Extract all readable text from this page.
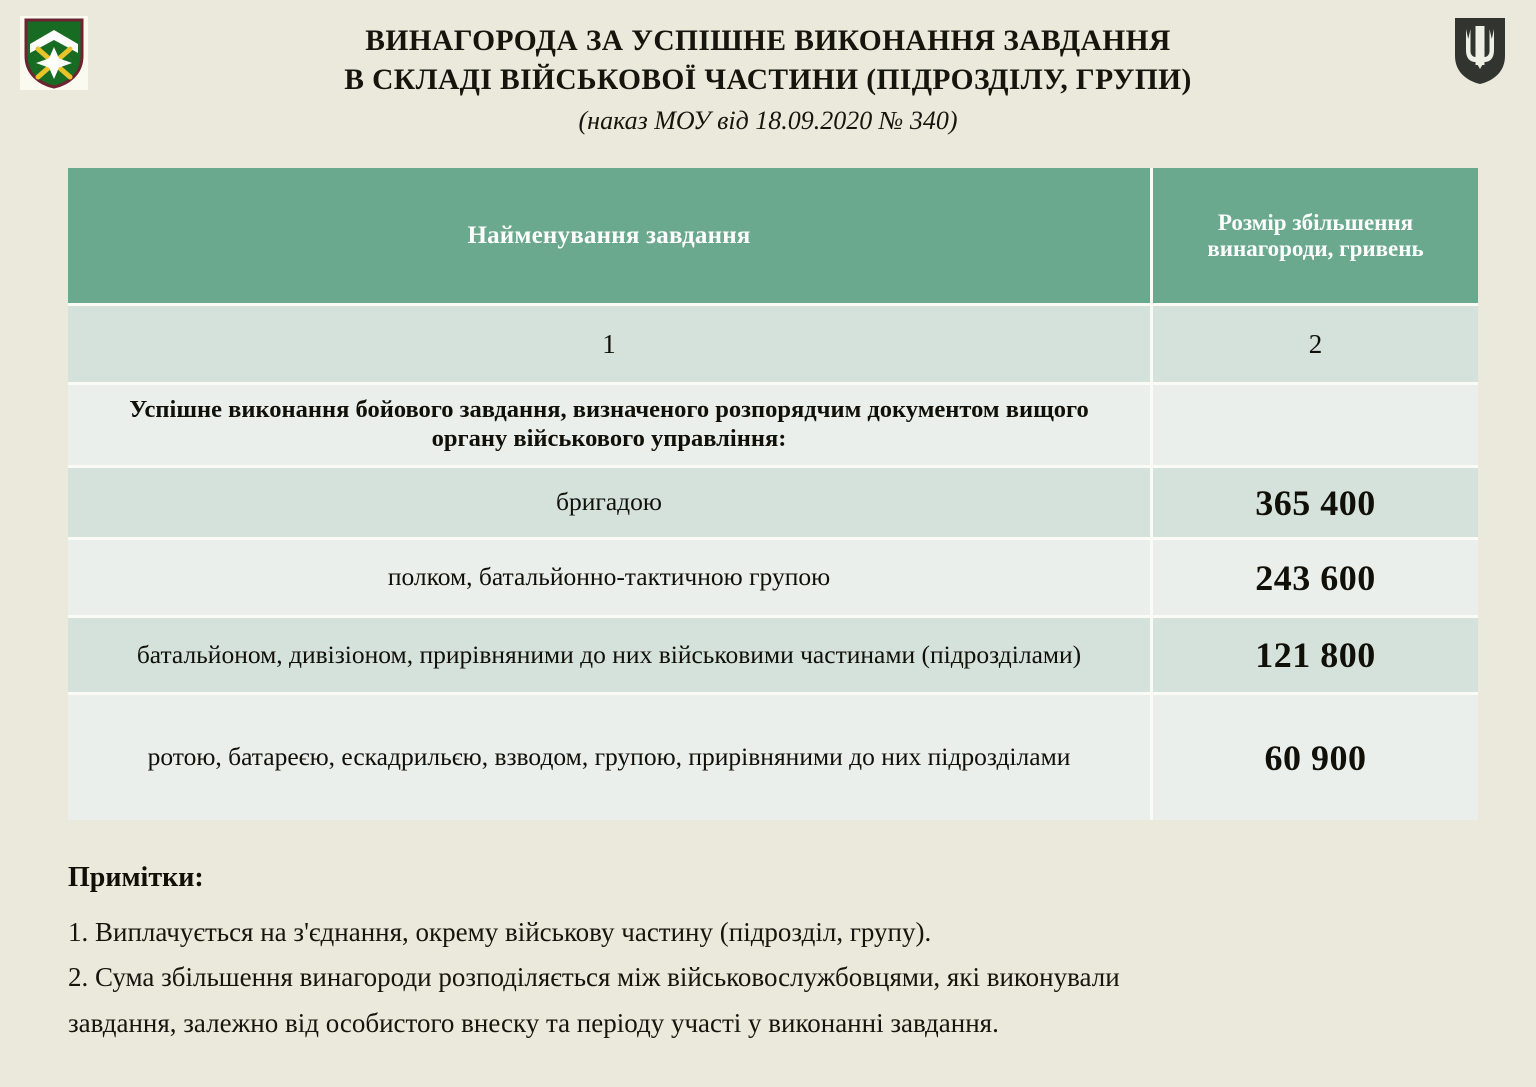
ВИНАГОРОДА ЗА УСПІШНЕ ВИКОНАННЯ ЗАВДАННЯ
В СКЛАДІ ВІЙСЬКОВОЇ ЧАСТИНИ (ПІДРОЗДІЛУ, ГРУПИ)
(наказ МОУ від 18.09.2020 № 340)
Найменування завдання	Розмір збільшення винагороди, гривень
1	2
Успішне виконання бойового завдання, визначеного розпорядчим документом вищого органу військового управління:	
бригадою	365 400
полком, батальйонно-тактичною групою	243 600
батальйоном, дивізіоном, прирівняними до них військовими частинами (підрозділами)	121 800
ротою, батареєю, ескадрильєю, взводом, групою, прирівняними до них підрозділами	60 900
Примітки:
1. Виплачується на з'єднання, окрему військову частину (підрозділ, групу).
2. Сума збільшення винагороди розподіляється між військовослужбовцями, які виконували
завдання, залежно від особистого внеску та періоду участі у виконанні завдання.
